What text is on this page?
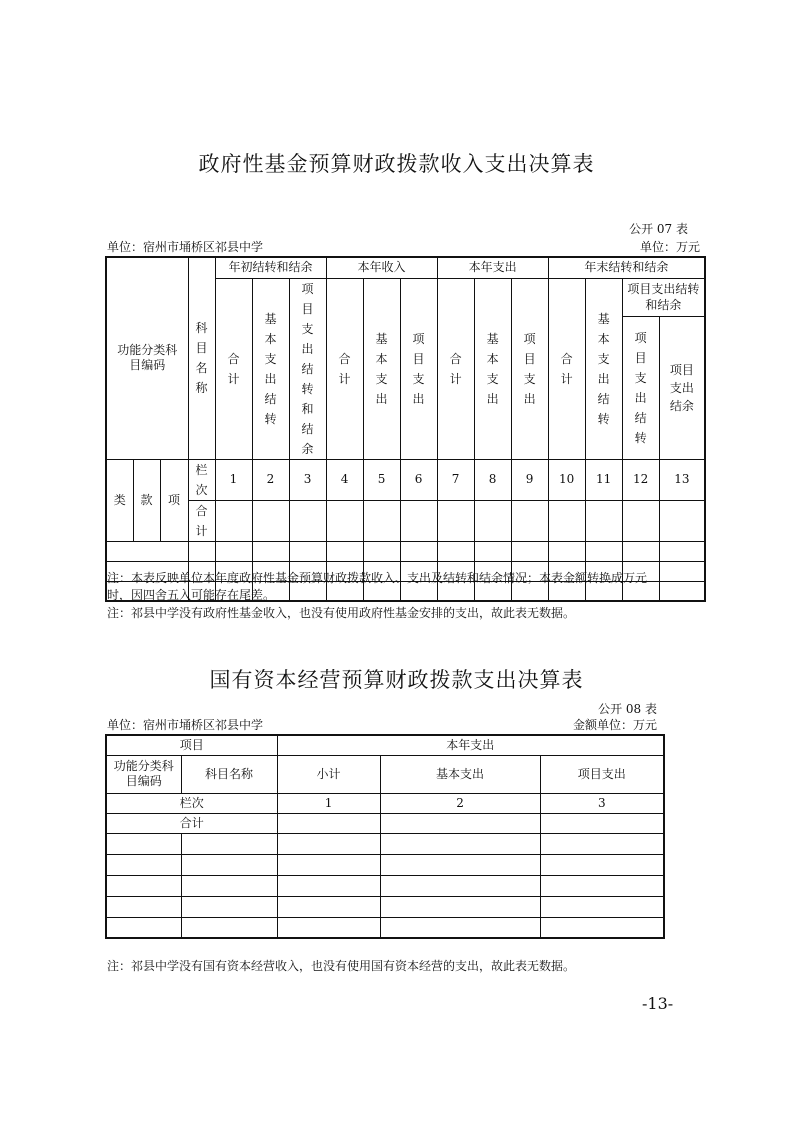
政府性基金预算财政拨款收入支出决算表
公开 07 表
单位：宿州市埇桥区祁县中学	单位：万元
功能分类科目编码			科目名称	年初结转和结余			本年收入			本年支出			年末结转和结余			
				合计	基本支出结转	项目支出结转和结余	合计	基本支出	项目支出	合计	基本支出	项目支出	合计	基本支出结转	项目支出结转和结余	
															项目支出结转	项目支出结余
类	款	项	栏次	1	2	3	4	5	6	7	8	9	10	11	12	13
			合计													

注：本表反映单位本年度政府性基金预算财政拨款收入、支出及结转和结余情况；本表金额转换成万元
时，因四舍五入可能存在尾差。
注：祁县中学没有政府性基金收入，也没有使用政府性基金安排的支出，故此表无数据。
国有资本经营预算财政拨款支出决算表
公开 08 表
单位：宿州市埇桥区祁县中学	金额单位：万元
项目		本年支出		
功能分类科目编码	科目名称	小计	基本支出	项目支出
栏次		1	2	3
合计				

注：祁县中学没有国有资本经营收入，也没有使用国有资本经营的支出，故此表无数据。
-13-
